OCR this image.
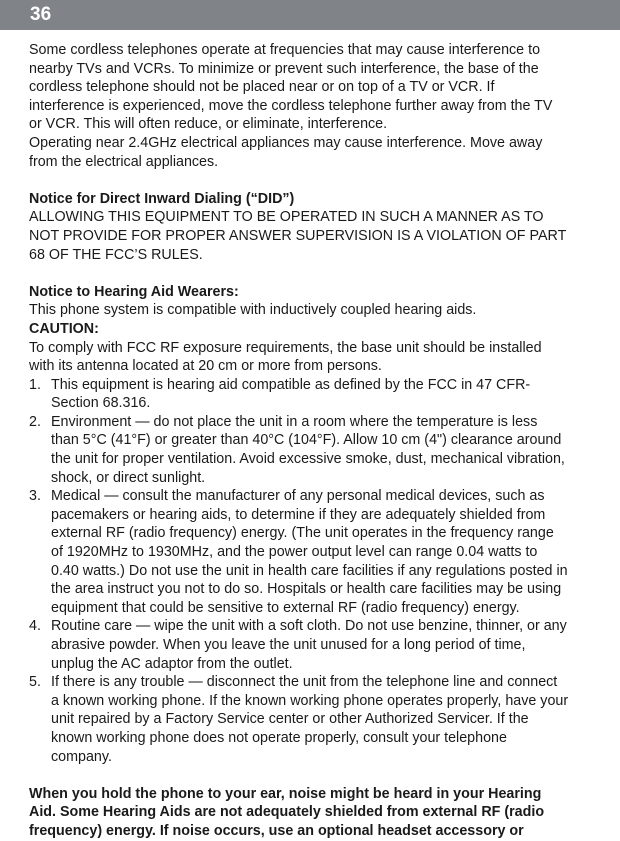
36

Some cordless telephones operate at frequencies that may cause interference to nearby TVs and VCRs. To minimize or prevent such interference, the base of the cordless telephone should not be placed near or on top of a TV or VCR. If interference is experienced, move the cordless telephone further away from the TV or VCR. This will often reduce, or eliminate, interference.

Operating near 2.4GHz electrical appliances may cause interference. Move away from the electrical appliances.

Notice for Direct Inward Dialing (“DID”)

ALLOWING THIS EQUIPMENT TO BE OPERATED IN SUCH A MANNER AS TO NOT PROVIDE FOR PROPER ANSWER SUPERVISION IS A VIOLATION OF PART 68 OF THE FCC’S RULES.

Notice to Hearing Aid Wearers:

This phone system is compatible with inductively coupled hearing aids.

CAUTION:

To comply with FCC RF exposure requirements, the base unit should be installed with its antenna located at 20 cm or more from persons.

1. This equipment is hearing aid compatible as defined by the FCC in 47 CFR-Section 68.316.
2. Environment — do not place the unit in a room where the temperature is less than 5°C (41°F) or greater than 40°C (104°F). Allow 10 cm (4") clearance around the unit for proper ventilation. Avoid excessive smoke, dust, mechanical vibration, shock, or direct sunlight.
3. Medical — consult the manufacturer of any personal medical devices, such as pacemakers or hearing aids, to determine if they are adequately shielded from external RF (radio frequency) energy. (The unit operates in the frequency range of 1920MHz to 1930MHz, and the power output level can range 0.04 watts to 0.40 watts.) Do not use the unit in health care facilities if any regulations posted in the area instruct you not to do so. Hospitals or health care facilities may be using equipment that could be sensitive to external RF (radio frequency) energy.
4. Routine care — wipe the unit with a soft cloth. Do not use benzine, thinner, or any abrasive powder. When you leave the unit unused for a long period of time, unplug the AC adaptor from the outlet.
5. If there is any trouble — disconnect the unit from the telephone line and connect a known working phone. If the known working phone operates properly, have your unit repaired by a Factory Service center or other Authorized Servicer. If the known working phone does not operate properly, consult your telephone company.

When you hold the phone to your ear, noise might be heard in your Hearing Aid. Some Hearing Aids are not adequately shielded from external RF (radio frequency) energy. If noise occurs, use an optional headset accessory or
